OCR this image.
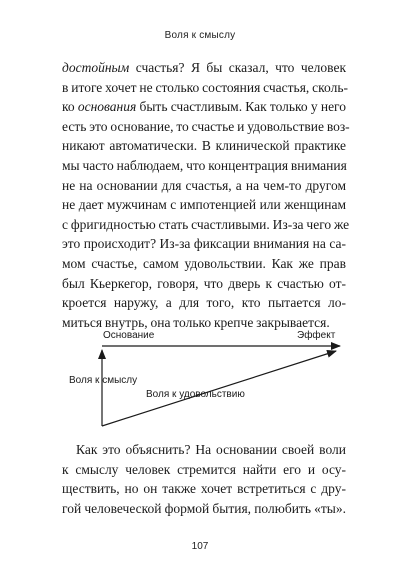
Воля к смыслу
достойным счастья? Я бы сказал, что человек
в итоге хочет не столько состояния счастья, сколь-
ко основания быть счастливым. Как только у него
есть это основание, то счастье и удовольствие воз-
никают автоматически. В клинической практике
мы часто наблюдаем, что концентрация внимания
не на основании для счастья, а на чем-то другом
не дает мужчинам с импотенцией или женщинам
с фригидностью стать счастливыми. Из-за чего же
это происходит? Из-за фиксации внимания на са-
мом счастье, самом удовольствии. Как же прав
был Кьеркегор, говоря, что дверь к счастью от-
кроется наружу, а для того, кто пытается ло-
миться внутрь, она только крепче закрывается.
Основание	Эффект
Воля к смыслу
Воля к удовольствию
Как это объяснить? На основании своей воли
к смыслу человек стремится найти его и осу-
ществить, но он также хочет встретиться с дру-
гой человеческой формой бытия, полюбить «ты».
107
